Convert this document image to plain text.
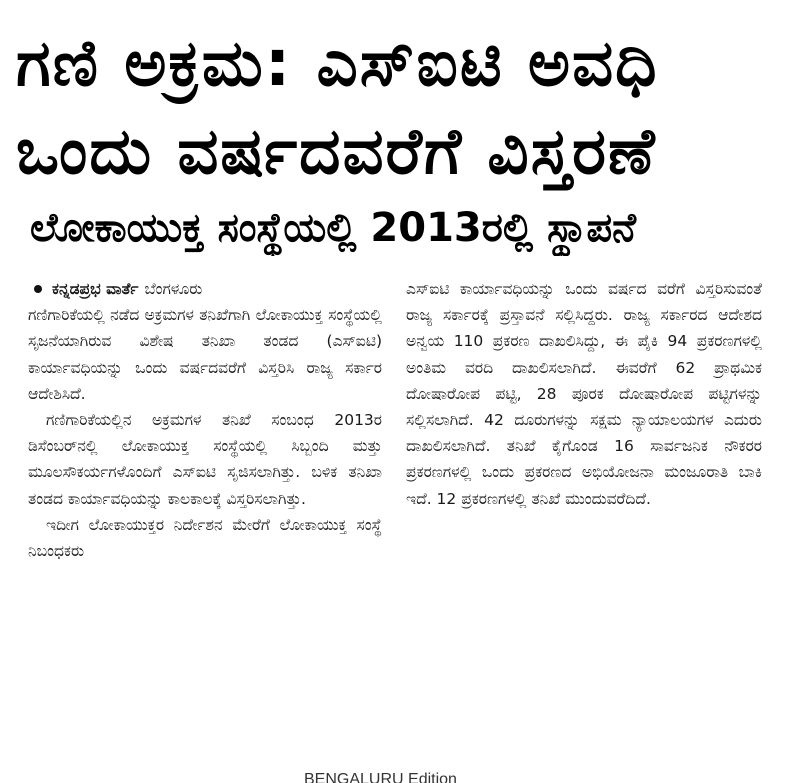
ಗಣಿ ಅಕ್ರಮ: ಎಸ್‌ಐಟಿ ಅವಧಿ
ಒಂದು ವರ್ಷದವರೆಗೆ ವಿಸ್ತರಣೆ
ಲೋಕಾಯುಕ್ತ ಸಂಸ್ಥೆಯಲ್ಲಿ 2013ರಲ್ಲಿ ಸ್ಥಾಪನೆ
ಕನ್ನಡಪ್ರಭ ವಾರ್ತೆ ಬೆಂಗಳೂರು

ಗಣಿಗಾರಿಕೆಯಲ್ಲಿ ನಡೆದ ಅಕ್ರಮಗಳ ತನಿಖೆಗಾಗಿ ಲೋಕಾಯುಕ್ತ ಸಂಸ್ಥೆಯಲ್ಲಿ ಸೃಜನೆಯಾಗಿರುವ ವಿಶೇಷ ತನಿಖಾ ತಂಡದ (ಎಸ್‌ಐಟಿ) ಕಾರ್ಯಾವಧಿಯನ್ನು ಒಂದು ವರ್ಷದವರೆಗೆ ವಿಸ್ತರಿಸಿ ರಾಜ್ಯ ಸರ್ಕಾರ ಆದೇಶಿಸಿದೆ.

ಗಣಿಗಾರಿಕೆಯಲ್ಲಿನ ಅಕ್ರಮಗಳ ತನಿಖೆ ಸಂಬಂಧ 2013ರ ಡಿಸೆಂಬರ್‌ನಲ್ಲಿ ಲೋಕಾಯುಕ್ತ ಸಂಸ್ಥೆಯಲ್ಲಿ ಸಿಬ್ಬಂದಿ ಮತ್ತು ಮೂಲಸೌಕರ್ಯಗಳೊಂದಿಗೆ ಎಸ್‌ಐಟಿ ಸೃಜಿಸಲಾಗಿತ್ತು. ಬಳಿಕ ತನಿಖಾ ತಂಡದ ಕಾರ್ಯಾವಧಿಯನ್ನು ಕಾಲಕಾಲಕ್ಕೆ ವಿಸ್ತರಿಸಲಾಗಿತ್ತು.

ಇದೀಗ ಲೋಕಾಯುಕ್ತರ ನಿರ್ದೇಶನ ಮೇರೆಗೆ ಲೋಕಾಯುಕ್ತ ಸಂಸ್ಥೆ ನಿಬಂಧಕರು

ಎಸ್‌ಐಟಿ ಕಾರ್ಯಾವಧಿಯನ್ನು ಒಂದು ವರ್ಷದ ವರೆಗೆ ವಿಸ್ತರಿಸುವಂತೆ ರಾಜ್ಯ ಸರ್ಕಾರಕ್ಕೆ ಪ್ರಸ್ತಾವನೆ ಸಲ್ಲಿಸಿದ್ದರು. ರಾಜ್ಯ ಸರ್ಕಾರದ ಆದೇಶದ ಅನ್ವಯ 110 ಪ್ರಕರಣ ದಾಖಲಿಸಿದ್ದು, ಈ ಪೈಕಿ 94 ಪ್ರಕರಣಗಳಲ್ಲಿ ಅಂತಿಮ ವರದಿ ದಾಖಲಿಸಲಾಗಿದೆ. ಈವರೆಗೆ 62 ಪ್ರಾಥಮಿಕ ದೋಷಾರೋಪ ಪಟ್ಟಿ, 28 ಪೂರಕ ದೋಷಾರೋಪ ಪಟ್ಟಿಗಳನ್ನು ಸಲ್ಲಿಸಲಾಗಿದೆ. 42 ದೂರುಗಳನ್ನು ಸಕ್ಷಮ ನ್ಯಾಯಾಲಯಗಳ ಎದುರು ದಾಖಲಿಸಲಾಗಿದೆ. ತನಿಖೆ ಕೈಗೊಂಡ 16 ಸಾರ್ವಜನಿಕ ನೌಕರರ ಪ್ರಕರಣಗಳಲ್ಲಿ ಒಂದು ಪ್ರಕರಣದ ಅಭಿಯೋಜನಾ ಮಂಜೂರಾತಿ ಬಾಕಿ ಇದೆ. 12 ಪ್ರಕರಣಗಳಲ್ಲಿ ತನಿಖೆ ಮುಂದುವರೆದಿದೆ.

BENGALURU Edition
